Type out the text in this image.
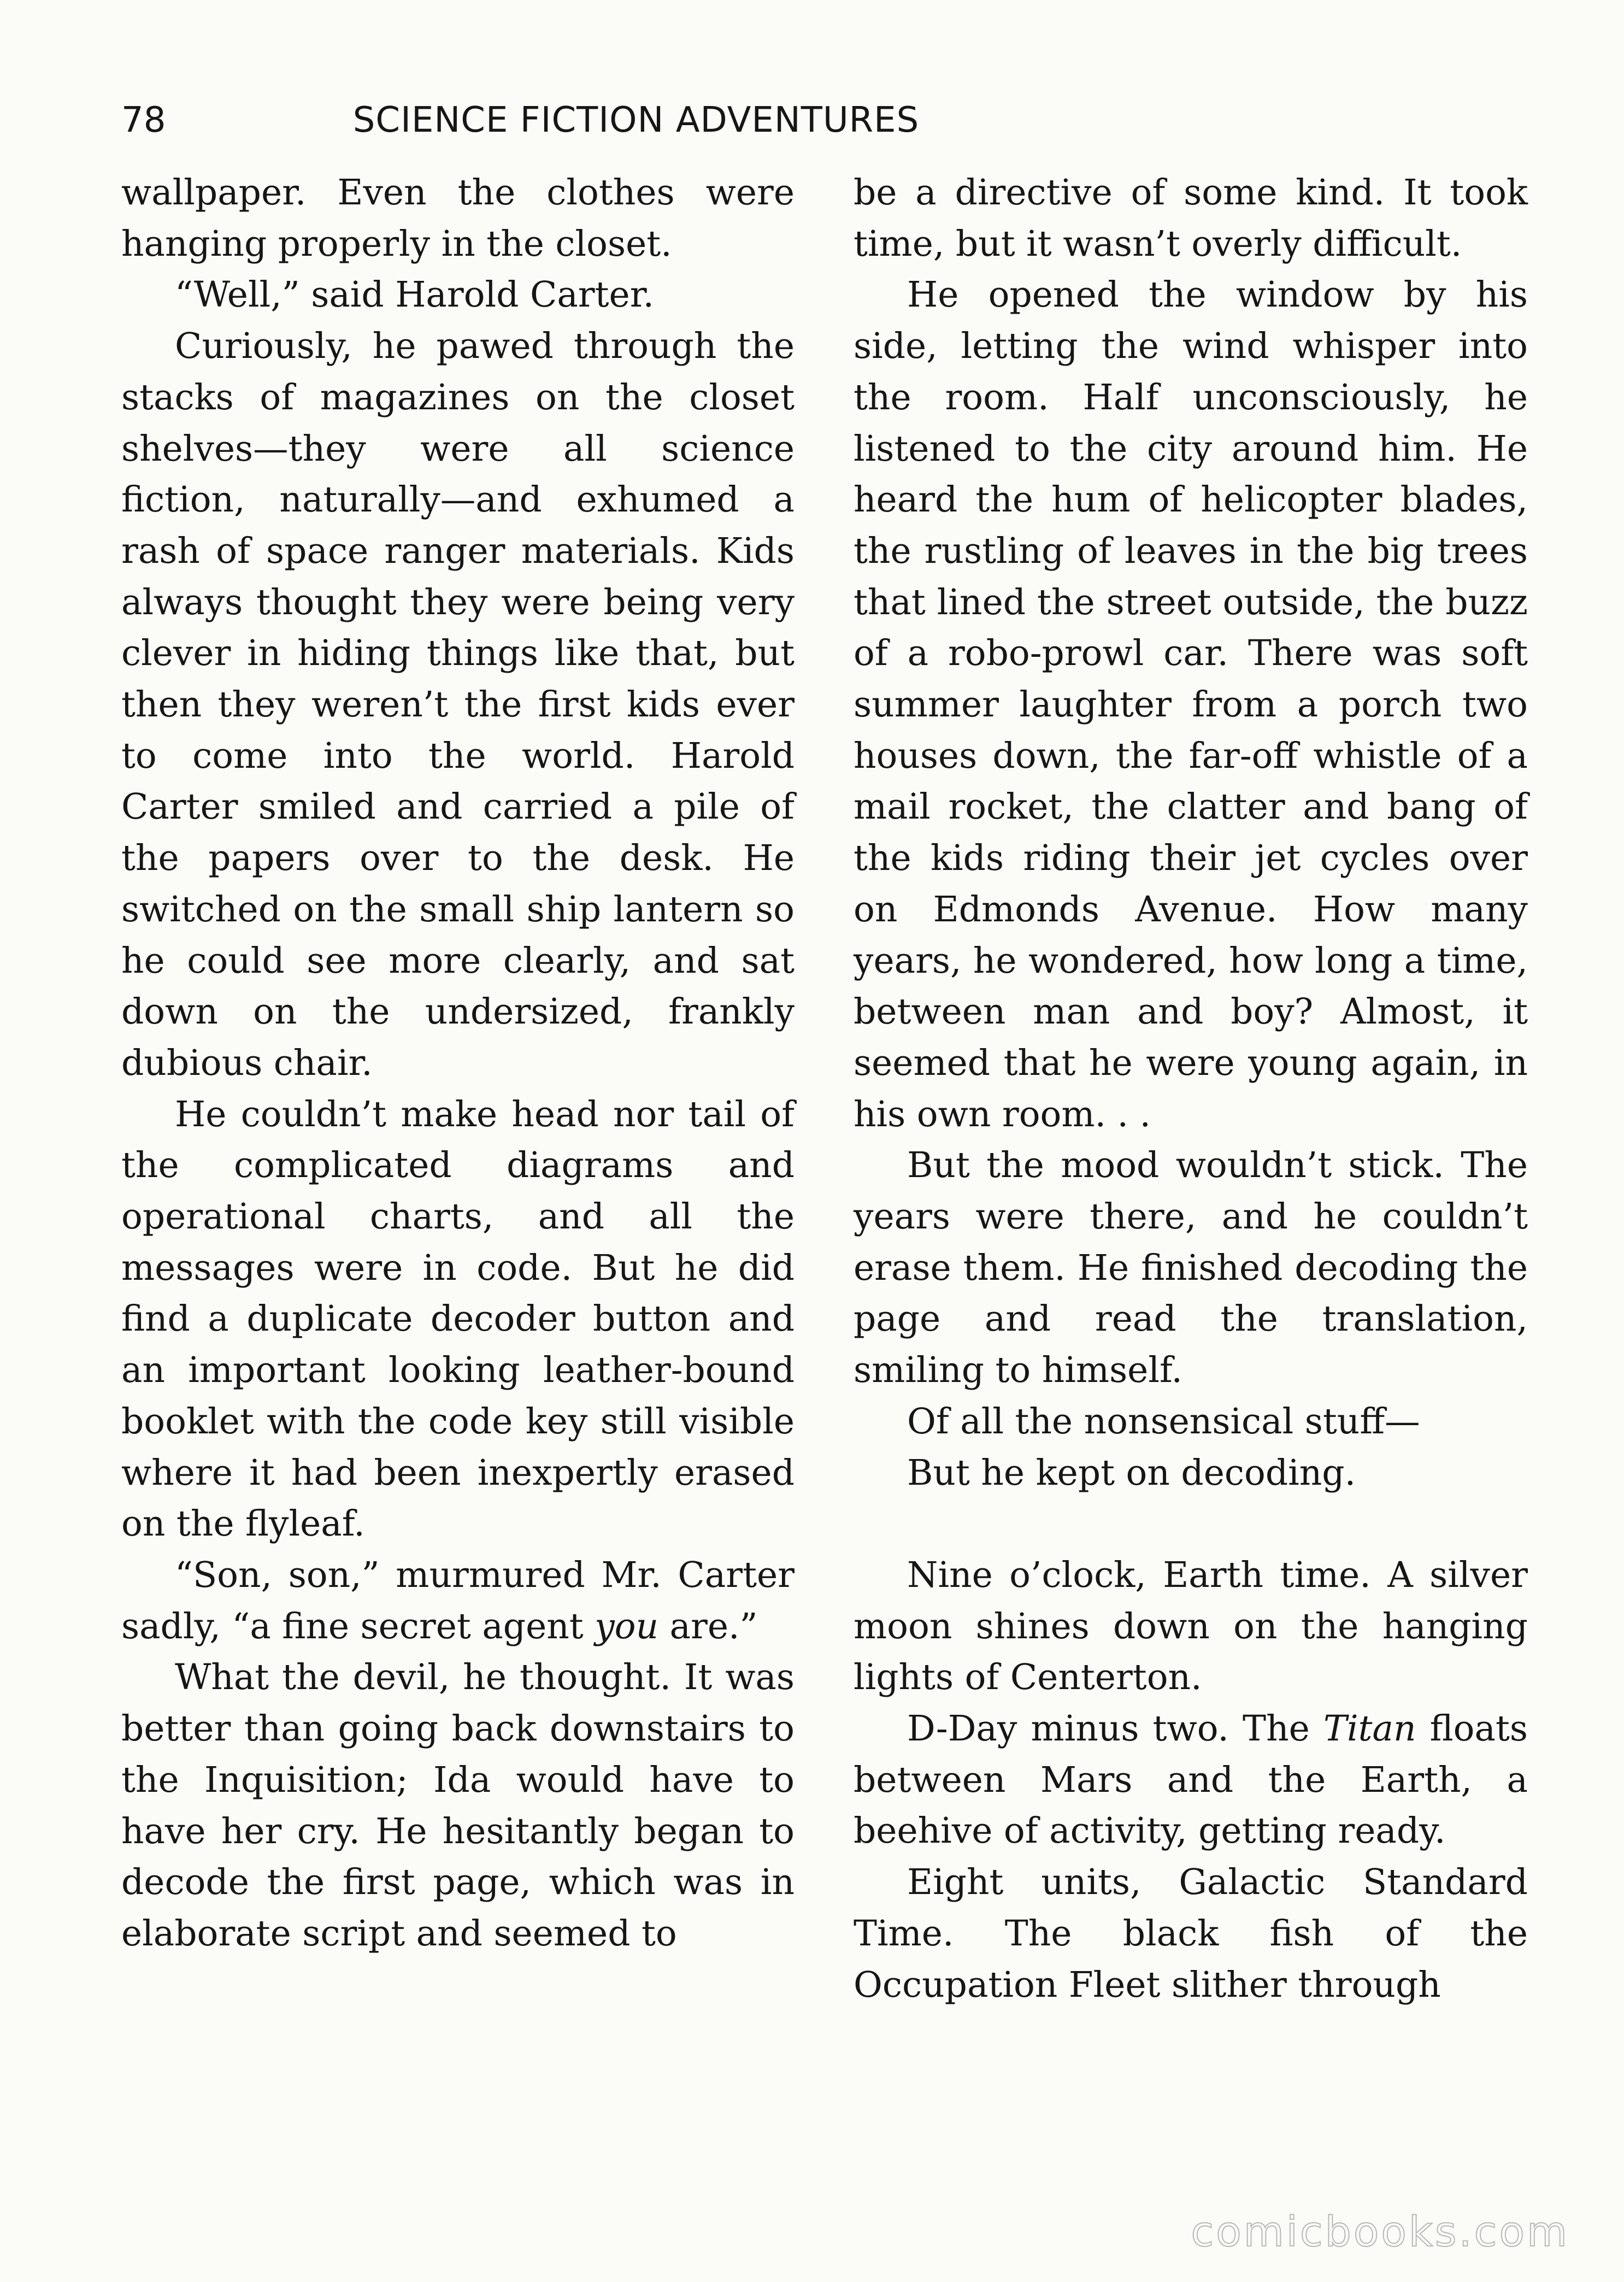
78	SCIENCE FICTION ADVENTURES

wallpaper. Even the clothes were hanging properly in the closet.

“Well,” said Harold Carter.

Curiously, he pawed through the stacks of magazines on the closet shelves—they were all science fiction, naturally—and exhumed a rash of space ranger materials. Kids always thought they were being very clever in hiding things like that, but then they weren’t the first kids ever to come into the world. Harold Carter smiled and carried a pile of the papers over to the desk. He switched on the small ship lantern so he could see more clearly, and sat down on the undersized, frankly dubious chair.

He couldn’t make head nor tail of the complicated diagrams and operational charts, and all the messages were in code. But he did find a duplicate decoder button and an important looking leather-bound booklet with the code key still visible where it had been inexpertly erased on the flyleaf.

“Son, son,” murmured Mr. Carter sadly, “a fine secret agent you are.”

What the devil, he thought. It was better than going back downstairs to the Inquisition; Ida would have to have her cry. He hesitantly began to decode the first page, which was in elaborate script and seemed to

be a directive of some kind. It took time, but it wasn’t overly difficult.

He opened the window by his side, letting the wind whisper into the room. Half unconsciously, he listened to the city around him. He heard the hum of helicopter blades, the rustling of leaves in the big trees that lined the street outside, the buzz of a robo-prowl car. There was soft summer laughter from a porch two houses down, the far-off whistle of a mail rocket, the clatter and bang of the kids riding their jet cycles over on Edmonds Avenue. How many years, he wondered, how long a time, between man and boy? Almost, it seemed that he were young again, in his own room. . .

But the mood wouldn’t stick. The years were there, and he couldn’t erase them. He finished decoding the page and read the translation, smiling to himself.

Of all the nonsensical stuff—

But he kept on decoding.

Nine o’clock, Earth time. A silver moon shines down on the hanging lights of Centerton.

D-Day minus two. The Titan floats between Mars and the Earth, a beehive of activity, getting ready.

Eight units, Galactic Standard Time. The black fish of the Occupation Fleet slither through

comicbooks.com
